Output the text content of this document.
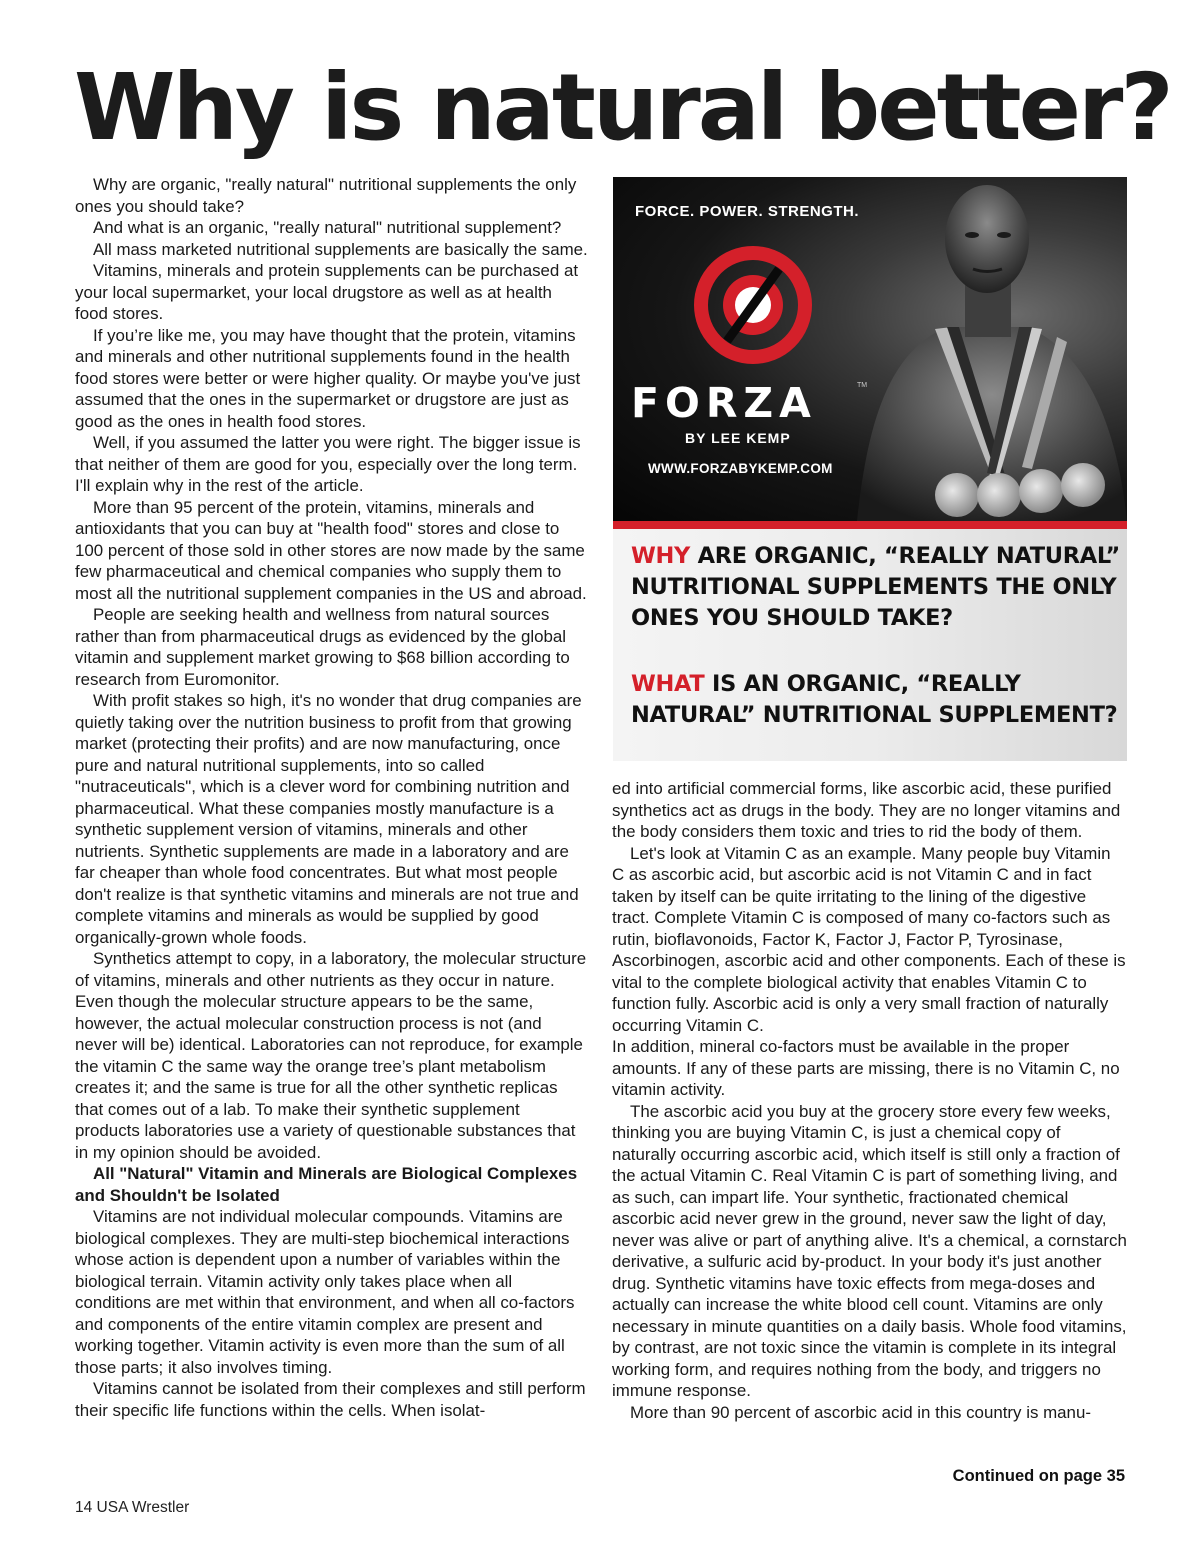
Why is natural better?

Why are organic, "really natural" nutritional supplements the only ones you should take?

And what is an organic, "really natural" nutritional supplement?

All mass marketed nutritional supplements are basically the same.

Vitamins, minerals and protein supplements can be purchased at your local supermarket, your local drugstore as well as at health food stores.

If you’re like me, you may have thought that the protein, vitamins and minerals and other nutritional supplements found in the health food stores were better or were higher quality. Or maybe you've just assumed that the ones in the supermarket or drugstore are just as good as the ones in health food stores.

Well, if you assumed the latter you were right. The bigger issue is that neither of them are good for you, especially over the long term. I'll explain why in the rest of the article.

More than 95 percent of the protein, vitamins, minerals and antioxidants that you can buy at "health food" stores and close to 100 percent of those sold in other stores are now made by the same few pharmaceutical and chemical companies who supply them to most all the nutritional supplement companies in the US and abroad.

People are seeking health and wellness from natural sources rather than from pharmaceutical drugs as evidenced by the global vitamin and supplement market growing to $68 billion according to research from Euromonitor.

With profit stakes so high, it's no wonder that drug companies are quietly taking over the nutrition business to profit from that growing market (protecting their profits) and are now manufacturing, once pure and natural nutritional supplements, into so called "nutraceuticals", which is a clever word for combining nutrition and pharmaceutical. What these companies mostly manufacture is a synthetic supplement version of vitamins, minerals and other nutrients. Synthetic supplements are made in a laboratory and are far cheaper than whole food concentrates. But what most people don't realize is that synthetic vitamins and minerals are not true and complete vitamins and minerals as would be supplied by good organically-grown whole foods.

Synthetics attempt to copy, in a laboratory, the molecular structure of vitamins, minerals and other nutrients as they occur in nature. Even though the molecular structure appears to be the same, however, the actual molecular construction process is not (and never will be) identical. Laboratories can not reproduce, for example the vitamin C the same way the orange tree’s plant metabolism creates it; and the same is true for all the other synthetic replicas that comes out of a lab. To make their synthetic supplement products laboratories use a variety of questionable substances that in my opinion should be avoided.

All "Natural" Vitamin and Minerals are Biological Complexes and Shouldn't be Isolated

Vitamins are not individual molecular compounds. Vitamins are biological complexes. They are multi-step biochemical interactions whose action is dependent upon a number of variables within the biological terrain. Vitamin activity only takes place when all conditions are met within that environment, and when all co-factors and components of the entire vitamin complex are present and working together. Vitamin activity is even more than the sum of all those parts; it also involves timing.

Vitamins cannot be isolated from their complexes and still perform their specific life functions within the cells. When isolat-

FORCE. POWER. STRENGTH.
FORZA	TM
BY LEE KEMP
WWW.FORZABYKEMP.COM

WHY ARE ORGANIC, “REALLY NATURAL” NUTRITIONAL SUPPLEMENTS THE ONLY ONES YOU SHOULD TAKE?

WHAT IS AN ORGANIC, “REALLY NATURAL” NUTRITIONAL SUPPLEMENT?

ed into artificial commercial forms, like ascorbic acid, these purified synthetics act as drugs in the body. They are no longer vitamins and the body considers them toxic and tries to rid the body of them.

Let's look at Vitamin C as an example. Many people buy Vitamin C as ascorbic acid, but ascorbic acid is not Vitamin C and in fact taken by itself can be quite irritating to the lining of the digestive tract. Complete Vitamin C is composed of many co-factors such as rutin, bioflavonoids, Factor K, Factor J, Factor P, Tyrosinase, Ascorbinogen, ascorbic acid and other components. Each of these is vital to the complete biological activity that enables Vitamin C to function fully. Ascorbic acid is only a very small fraction of naturally occurring Vitamin C.

In addition, mineral co-factors must be available in the proper amounts. If any of these parts are missing, there is no Vitamin C, no vitamin activity.

The ascorbic acid you buy at the grocery store every few weeks, thinking you are buying Vitamin C, is just a chemical copy of naturally occurring ascorbic acid, which itself is still only a fraction of the actual Vitamin C. Real Vitamin C is part of something living, and as such, can impart life. Your synthetic, fractionated chemical ascorbic acid never grew in the ground, never saw the light of day, never was alive or part of anything alive. It's a chemical, a cornstarch derivative, a sulfuric acid by-product. In your body it's just another drug. Synthetic vitamins have toxic effects from mega-doses and actually can increase the white blood cell count. Vitamins are only necessary in minute quantities on a daily basis. Whole food vitamins, by contrast, are not toxic since the vitamin is complete in its integral working form, and requires nothing from the body, and triggers no immune response.

More than 90 percent of ascorbic acid in this country is manu-

Continued on page 35
14 USA Wrestler
